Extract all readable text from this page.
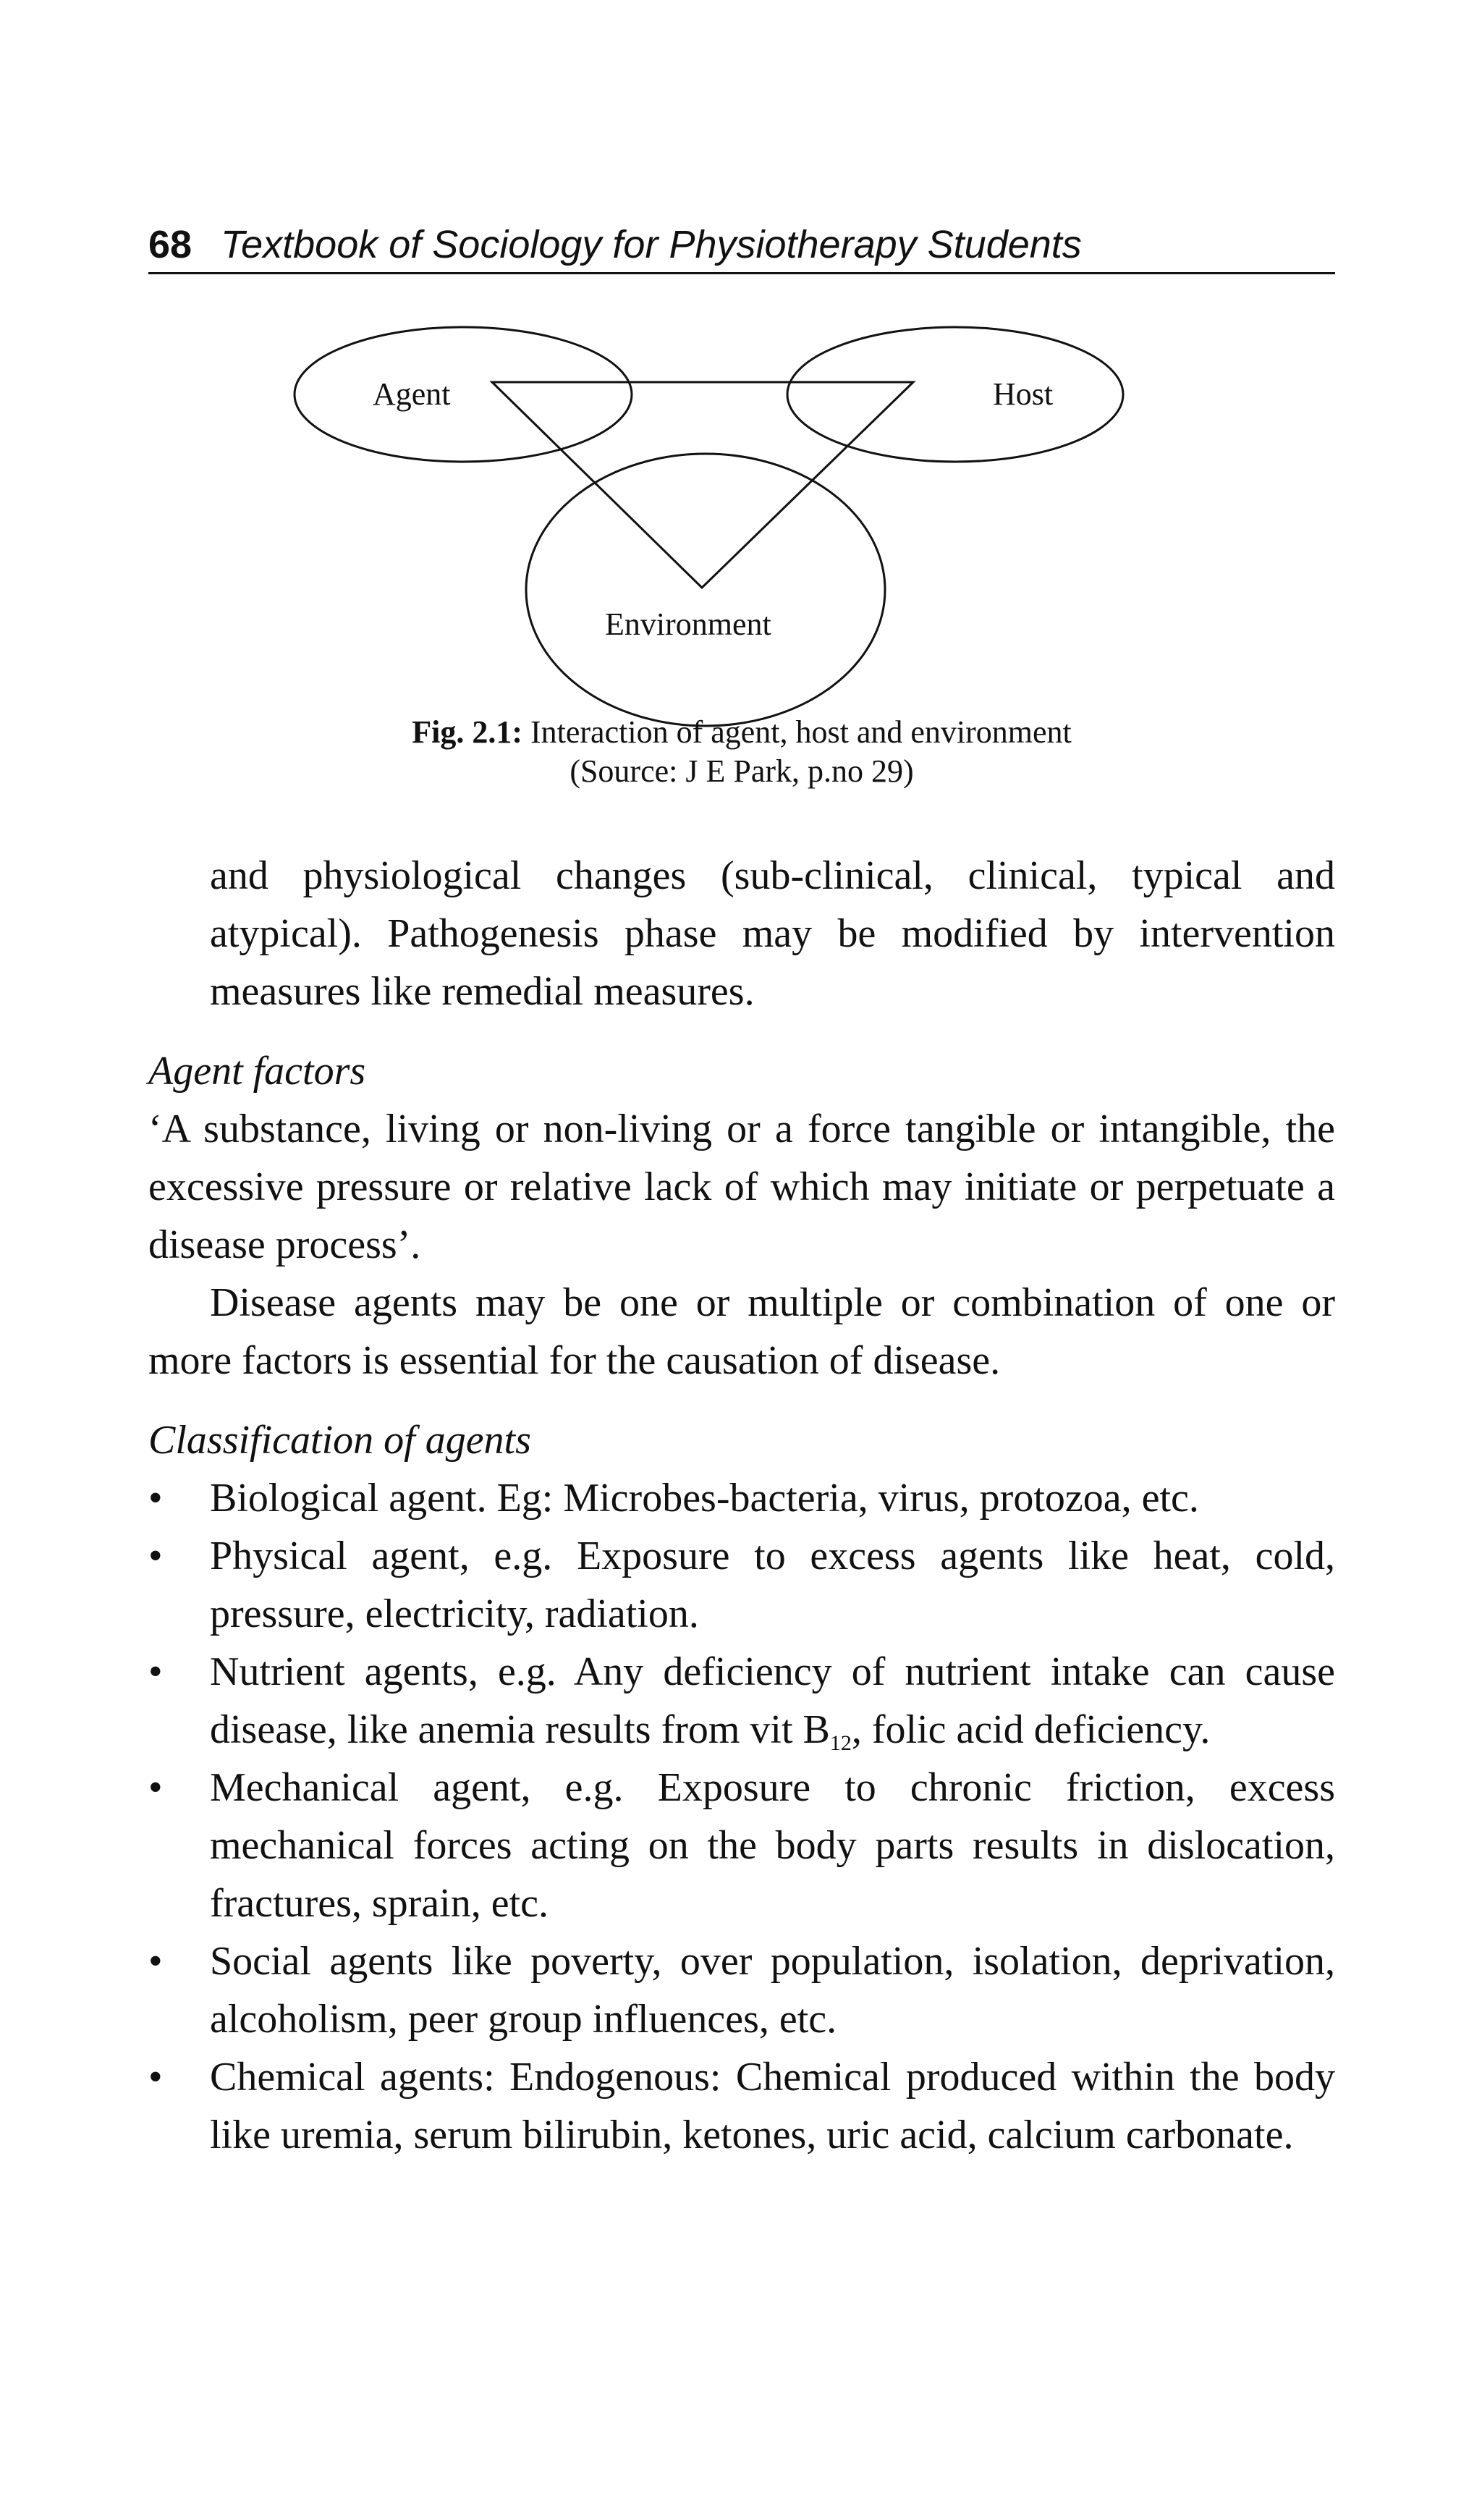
68 Textbook of Sociology for Physiotherapy Students
Agent	Host
Environment
Fig. 2.1: Interaction of agent, host and environment
(Source: J E Park, p.no 29)

and physiological changes (sub-clinical, clinical, typical and atypical). Pathogenesis phase may be modified by intervention measures like remedial measures.

Agent factors

‘A substance, living or non-living or a force tangible or intangible, the excessive pressure or relative lack of which may initiate or perpetuate a disease process’.

Disease agents may be one or multiple or combination of one or more factors is essential for the causation of disease.

Classification of agents

• Biological agent. Eg: Microbes-bacteria, virus, protozoa, etc.
• Physical agent, e.g. Exposure to excess agents like heat, cold, pressure, electricity, radiation.
• Nutrient agents, e.g. Any deficiency of nutrient intake can cause disease, like anemia results from vit $B_{12}$, folic acid deficiency.
• Mechanical agent, e.g. Exposure to chronic friction, excess mechanical forces acting on the body parts results in dislocation, fractures, sprain, etc.
• Social agents like poverty, over population, isolation, deprivation, alcoholism, peer group influences, etc.
• Chemical agents: Endogenous: Chemical produced within the body like uremia, serum bilirubin, ketones, uric acid, calcium carbonate.
